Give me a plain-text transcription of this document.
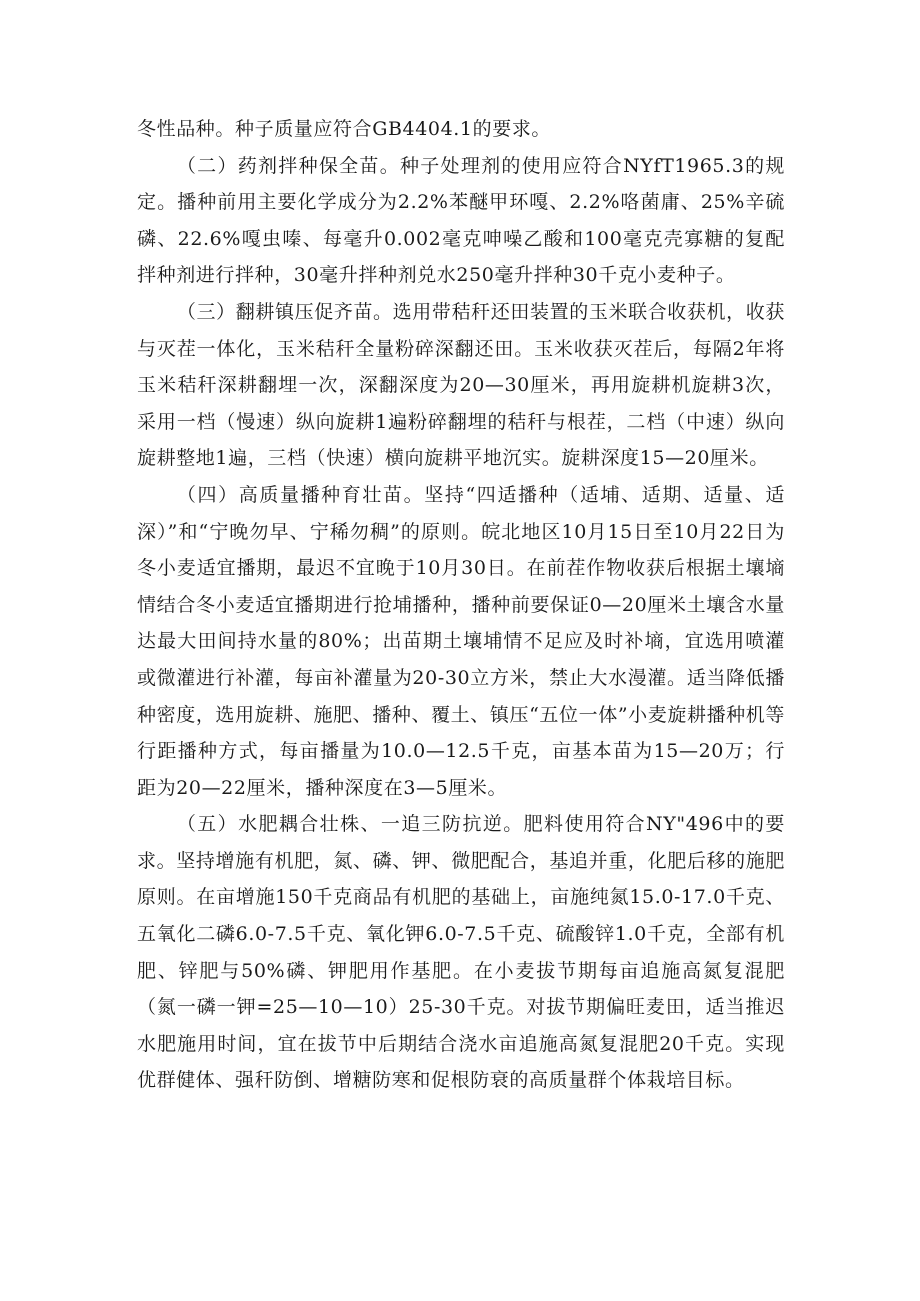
冬性品种。种子质量应符合GB4404.1的要求。

（二）药剂拌种保全苗。种子处理剂的使用应符合NYfT1965.3的规定。播种前用主要化学成分为2.2%苯醚甲环嘎、2.2%咯菌庸、25%辛硫磷、22.6%嘎虫嗪、每毫升0.002毫克呻噪乙酸和100毫克壳寡糖的复配拌种剂进行拌种，30毫升拌种剂兑水250毫升拌种30千克小麦种子。

（三）翻耕镇压促齐苗。选用带秸秆还田装置的玉米联合收获机，收获与灭茬一体化，玉米秸秆全量粉碎深翻还田。玉米收获灭茬后，每隔2年将玉米秸秆深耕翻埋一次，深翻深度为20—30厘米，再用旋耕机旋耕3次，采用一档（慢速）纵向旋耕1遍粉碎翻埋的秸秆与根茬，二档（中速）纵向旋耕整地1遍，三档（快速）横向旋耕平地沉实。旋耕深度15—20厘米。

（四）高质量播种育壮苗。坚持“四适播种（适埔、适期、适量、适深）”和“宁晚勿早、宁稀勿稠”的原则。皖北地区10月15日至10月22日为冬小麦适宜播期，最迟不宜晚于10月30日。在前茬作物收获后根据土壤墒情结合冬小麦适宜播期进行抢埔播种，播种前要保证0—20厘米土壤含水量达最大田间持水量的80%；出苗期土壤埔情不足应及时补墒，宜选用喷灌或微灌进行补灌，每亩补灌量为20-30立方米，禁止大水漫灌。适当降低播种密度，选用旋耕、施肥、播种、覆土、镇压“五位一体”小麦旋耕播种机等行距播种方式，每亩播量为10.0—12.5千克，亩基本苗为15—20万；行距为20—22厘米，播种深度在3—5厘米。

（五）水肥耦合壮株、一追三防抗逆。肥料使用符合NY"496中的要求。坚持增施有机肥，氮、磷、钾、微肥配合，基追并重，化肥后移的施肥原则。在亩增施150千克商品有机肥的基础上，亩施纯氮15.0-17.0千克、五氧化二磷6.0-7.5千克、氧化钾6.0-7.5千克、硫酸锌1.0千克，全部有机肥、锌肥与50%磷、钾肥用作基肥。在小麦拔节期每亩追施高氮复混肥（氮一磷一钾=25—10—10）25-30千克。对拔节期偏旺麦田，适当推迟水肥施用时间，宜在拔节中后期结合浇水亩追施高氮复混肥20千克。实现优群健体、强秆防倒、增糖防寒和促根防衰的高质量群个体栽培目标。
